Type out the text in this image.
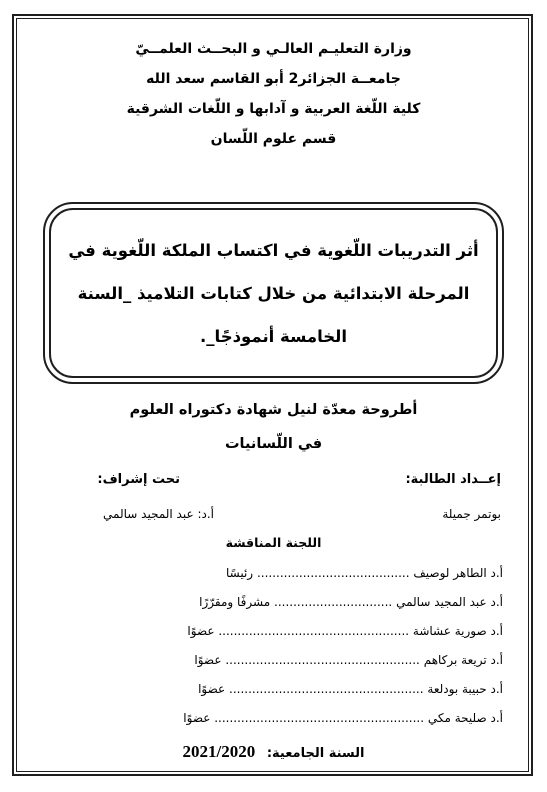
وزارة التعليـم العالـي و البحــث العلمــيّ
جامعــة الجزائر2 أبو القاسم سعد الله
كلية اللّغة العربية و آدابها و اللّغات الشرقية
قسم علوم اللّسان
أثر التدريبات اللّغوية في اكتساب الملكة اللّغوية في المرحلة الابتدائية من خلال كتابات التلاميذ _السنة الخامسة أنموذجًا_.
أطروحة معدّة لنيل شهادة دكتوراه العلوم
في اللّسانيات
إعــداد الطالبة:
تحت إشراف:
بوتمر جميلة
أ.د: عبد المجيد سالمي
اللجنة المناقشة
أ.د الطاهر لوصيف ........................................ رئيسًا
أ.د عبد المجيد سالمي ............................... مشرفًا ومقرّرًا
أ.د صورية عشاشة .................................................. عضوًا
أ.د تريعة بركاهم ................................................... عضوًا
أ.د حبيبة بودلعة ................................................... عضوًا
أ.د صليحة مكي ....................................................... عضوًا
السنة الجامعية: 2021/2020
